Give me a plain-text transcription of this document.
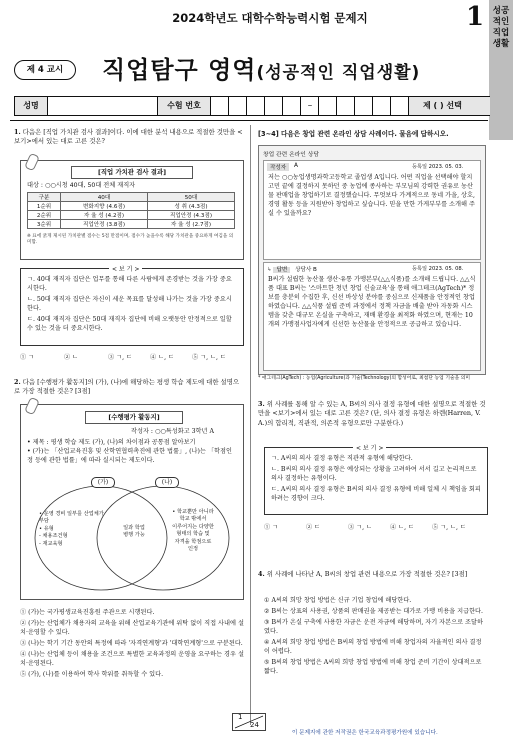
2024학년도 대학수학능력시험 문제지	1 성공적인 직업생활
제 4 교시	직업탐구 영역(성공적인 직업생활)
성명	수험 번호	–	제 ( ) 선택
1. 다음은 [직업 가치관 검사 결과]이다. 이에 대한 분석 내용으로 적절한 것만을 <보기>에서 있는 대로 고른 것은?
[직업 가치관 검사 결과]
대상 : ○○시청 40대, 50대 전체 재직자
구분	40대	50대
1순위	변화지향 (4.6점)	성 취 (4.3점)
2순위	자 율 성 (4.2점)	직업안정 (4.3점)
3순위	직업안정 (3.8점)	자 율 성 (2.7점)
※ 표에 굵게 제시된 가치관별 점수는 5점 만점이며, 점수가 높을수록 해당 가치관을 중요하게 여김을 의미함.
< 보 기 >
ㄱ. 40대 재직자 집단은 업무를 통해 다른 사람에게 존경받는 것을 가장 중요시한다.
ㄴ. 50대 재직자 집단은 자신이 세운 목표를 달성해 나가는 것을 가장 중요시한다.
ㄷ. 40대 재직자 집단은 50대 재직자 집단에 비해 오랫동안 안정적으로 일할 수 있는 것을 더 중요시한다.
① ㄱ	② ㄴ	③ ㄱ, ㄷ	④ ㄴ, ㄷ	⑤ ㄱ, ㄴ, ㄷ
2. 다음 [수행평가 활동지]의 (가), (나)에 해당하는 평생 학습 제도에 대한 설명으로 가장 적절한 것은? [3점]
[수행평가 활동지]
작성자 : ○○특성화고 3학년 A
• 제목 : 평생 학습 제도 (가), (나)의 차이점과 공통점 알아보기
• (가)는 「산업교육진흥 및 산학연협력촉진에 관한 법률」, (나)는 「학점인정 등에 관한 법률」에 따라 실시되는 제도이다.
(가)	(나)
• 운영 경비 일부를 산업체가 부담
• 유형
- 채용조건형
- 재교육형
일과 학업
병행 가능
• 학교뿐만 아니라
학교 밖에서
이루어지는 다양한
형태의 학습 및
자격을 학점으로
인정
① (가)는 국가평생교육진흥원 주관으로 시행된다.
② (가)는 산업체가 채용자의 교육을 위해 산업교육기관에 위탁 없이 직접 사내에 설치·운영할 수 있다.
③ (나)는 학기 기간 동안의 특정에 따라 '자격연계형'과 '대학연계형'으로 구분된다.
④ (나)는 산업체 등이 채용을 조건으로 특별한 교육과정의 운영을 요구하는 경우 설치·운영된다.
⑤ (가), (나)를 이용하여 학사 학위를 취득할 수 있다.
[3~4] 다음은 창업 관련 온라인 상담 사례이다. 물음에 답하시오.
창업 관련 온라인 상담
작성자	A	등록일 2023. 05. 03.
저는 ○○농업생명과학고등학교 졸업생 A입니다. 어떤 직업을 선택해야 할지 고민 끝에 결정하지 못하던 중 농업에 종사하는 부모님의 강력한 권유로 농산물 판매업을 창업하기로 결정했습니다. 무엇보다 가계적으로 동네 가을, 상호, 경영 활동 등을 지원받아 창업하고 싶습니다. 믿을 만한 가게부부를 소개해 주실 수 있을까요?
↳ 답변 상담사 B	등록일 2023. 05. 08.
B씨가 설립한 농산물 생산·유통 가맹본부(△△식품)를 소개해 드립니다. △△식품 대표 B씨는 '스마트한 청년 창업 신술교육'을 통해 애그테크(AgTech)* 정보를 충분히 수집한 후, 신선 바상성 분야를 중심으로 신제품을 안정적인 창업하였습니다. △△식품 설립 준비 과정에서 정책 자금을 배출 받아 자동화 시스템을 갖춘 대규모 온실을 구축하고, 재배 환경을 최적화 하였으며, 현재는 10개의 가맹점사업자에게 신선한 농산물을 안정적으로 공급하고 있습니다.
* 애그테크(AgTech) : 농업(Agriculture)과 기술(Technology)의 합성어로, 최첨단 농업 기술을 의미
3. 위 사례를 통해 알 수 있는 A, B씨의 의사 결정 유형에 대한 설명으로 적절한 것만을 <보기>에서 있는 대로 고른 것은? (단, 의사 결정 유형은 하렌(Harren, V. A.)의 합리적, 직관적, 의존적 유형으로만 구분한다.)
< 보 기 >
ㄱ. A씨의 의사 결정 유형은 직관적 유형에 해당한다.
ㄴ. B씨의 의사 결정 유형은 예상되는 상황을 고려하여 서서 길고 논리적으로 의사 결정하는 유형이다.
ㄷ. A씨의 의사 결정 유형은 B씨의 의사 결정 유형에 비해 일체 시 책임을 회피하려는 경향이 크다.
① ㄱ	② ㄷ	③ ㄱ, ㄴ	④ ㄴ, ㄷ	⑤ ㄱ, ㄴ, ㄷ
4. 위 사례에 나타난 A, B씨의 창업 관련 내용으로 가장 적절한 것은? [3점]
① A씨의 희망 창업 방법은 신규 기업 창업에 해당한다.
② B씨는 상표의 사용권, 상품의 판매권을 제공받는 대가로 가맹 비용을 지급한다.
③ B씨가 온실 구축에 사용한 자금은 운전 자금에 해당하며, 자기 자본으로 조달하였다.
④ A씨의 희망 창업 방법은 B씨의 창업 방법에 비해 창업자의 자율적인 의사 결정이 어렵다.
⑤ B씨의 창업 방법은 A씨의 희망 창업 방법에 비해 창업 준비 기간이 상대적으로 짧다.
1
24
이 문제지에 관한 저작권은 한국교육과정평가원에 있습니다.
